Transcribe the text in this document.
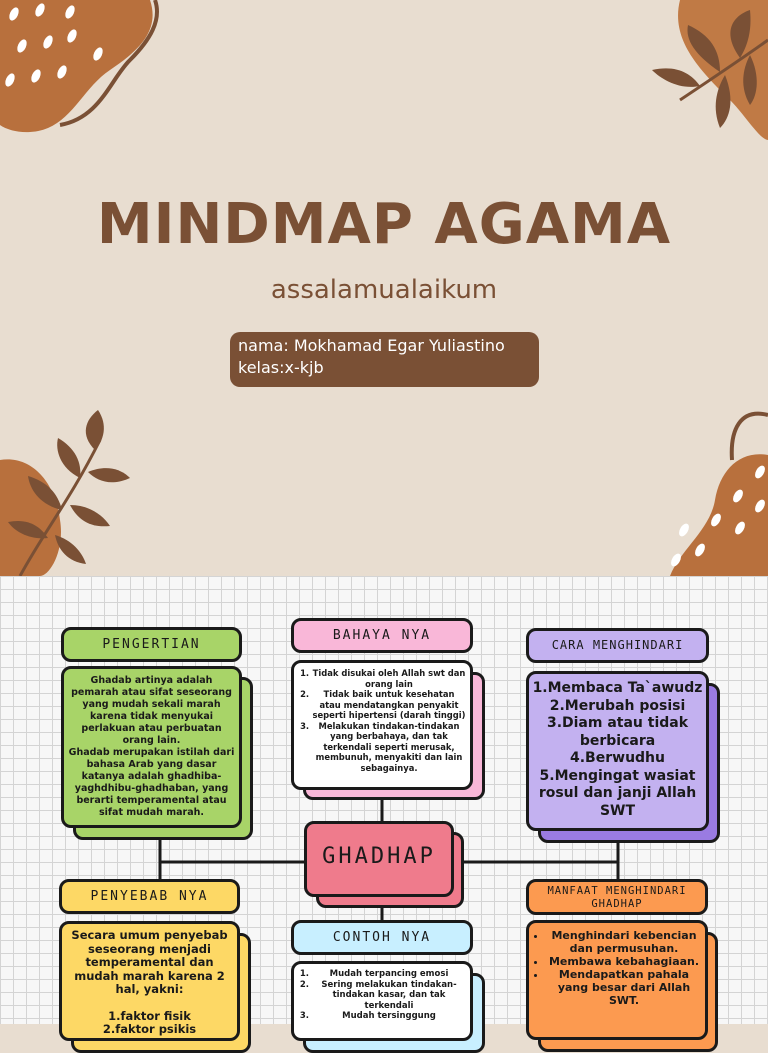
MINDMAP AGAMA
assalamualaikum
nama: Mokhamad Egar Yuliastino
kelas:x-kjb
PENGERTIAN
Ghadab artinya adalah pemarah atau sifat seseorang yang mudah sekali marah karena tidak menyukai perlakuan atau perbuatan orang lain.
Ghadab merupakan istilah dari bahasa Arab yang dasar katanya adalah ghadhiba-yaghdhibu-ghadhaban, yang berarti temperamental atau sifat mudah marah.
BAHAYA NYA
1. Tidak disukai oleh Allah swt dan orang lain
2. Tidak baik untuk kesehatan atau mendatangkan penyakit seperti hipertensi (darah tinggi)
3. Melakukan tindakan-tindakan yang berbahaya, dan tak terkendali seperti merusak, membunuh, menyakiti dan lain sebagainya.
CARA MENGHINDARI
1.Membaca Ta`awudz
2.Merubah posisi
3.Diam atau tidak berbicara
4.Berwudhu
5.Mengingat wasiat rosul dan janji Allah SWT
GHADHAP
PENYEBAB NYA
Secara umum penyebab seseorang menjadi temperamental dan mudah marah karena 2 hal, yakni:
1.faktor fisik
2.faktor psikis
CONTOH NYA
1. Mudah terpancing emosi
2. Sering melakukan tindakan-tindakan kasar, dan tak terkendali
3. Mudah tersinggung
MANFAAT MENGHINDARI GHADHAP
• Menghindari kebencian dan permusuhan.
• Membawa kebahagiaan.
• Mendapatkan pahala yang besar dari Allah SWT.
